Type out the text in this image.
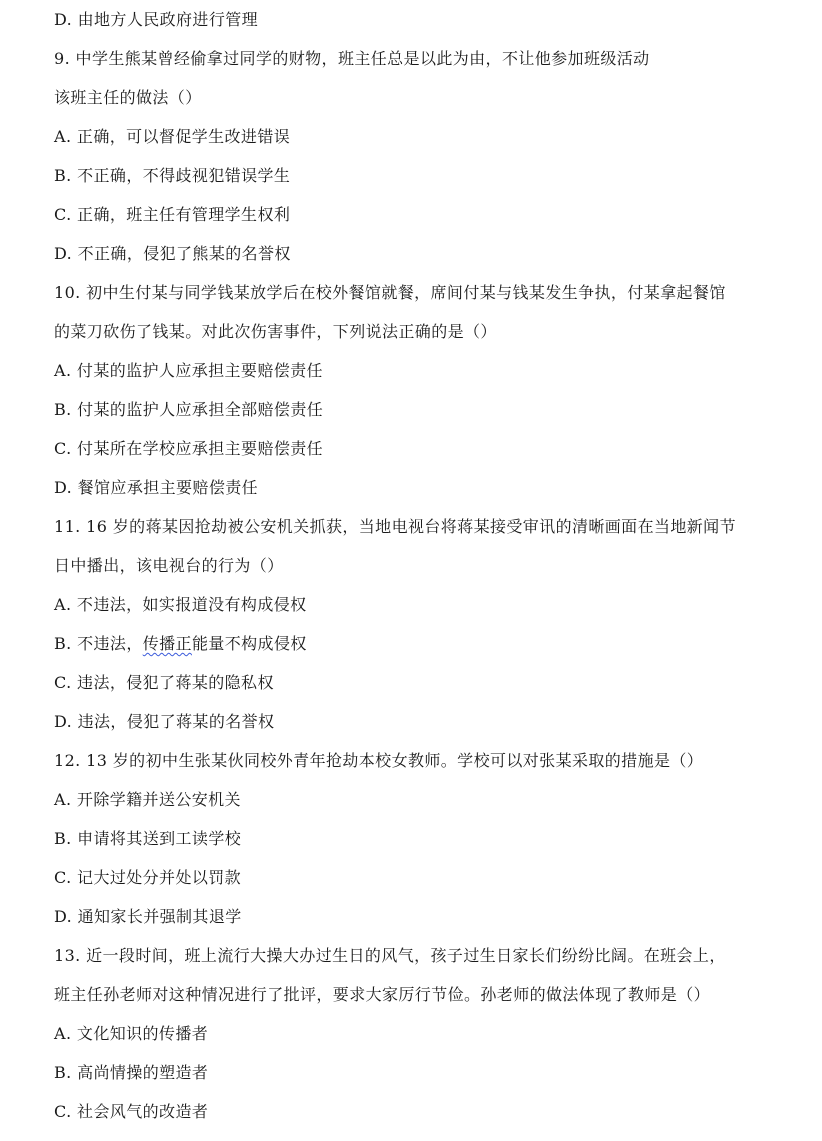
D. 由地方人民政府进行管理
9. 中学生熊某曾经偷拿过同学的财物，班主任总是以此为由，不让他参加班级活动
该班主任的做法（）
A. 正确，可以督促学生改进错误
B. 不正确，不得歧视犯错误学生
C. 正确，班主任有管理学生权利
D. 不正确，侵犯了熊某的名誉权
10. 初中生付某与同学钱某放学后在校外餐馆就餐，席间付某与钱某发生争执，付某拿起餐馆
的菜刀砍伤了钱某。对此次伤害事件，下列说法正确的是（）
A. 付某的监护人应承担主要赔偿责任
B. 付某的监护人应承担全部赔偿责任
C. 付某所在学校应承担主要赔偿责任
D. 餐馆应承担主要赔偿责任
11. 16 岁的蒋某因抢劫被公安机关抓获，当地电视台将蒋某接受审讯的清晰画面在当地新闻节
日中播出，该电视台的行为（）
A. 不违法，如实报道没有构成侵权
B. 不违法，传播正能量不构成侵权
C. 违法，侵犯了蒋某的隐私权
D. 违法，侵犯了蒋某的名誉权
12. 13 岁的初中生张某伙同校外青年抢劫本校女教师。学校可以对张某采取的措施是（）
A. 开除学籍并送公安机关
B. 申请将其送到工读学校
C. 记大过处分并处以罚款
D. 通知家长并强制其退学
13. 近一段时间，班上流行大操大办过生日的风气，孩子过生日家长们纷纷比阔。在班会上，
班主任孙老师对这种情况进行了批评，要求大家厉行节俭。孙老师的做法体现了教师是（）
A. 文化知识的传播者
B. 高尚情操的塑造者
C. 社会风气的改造者
